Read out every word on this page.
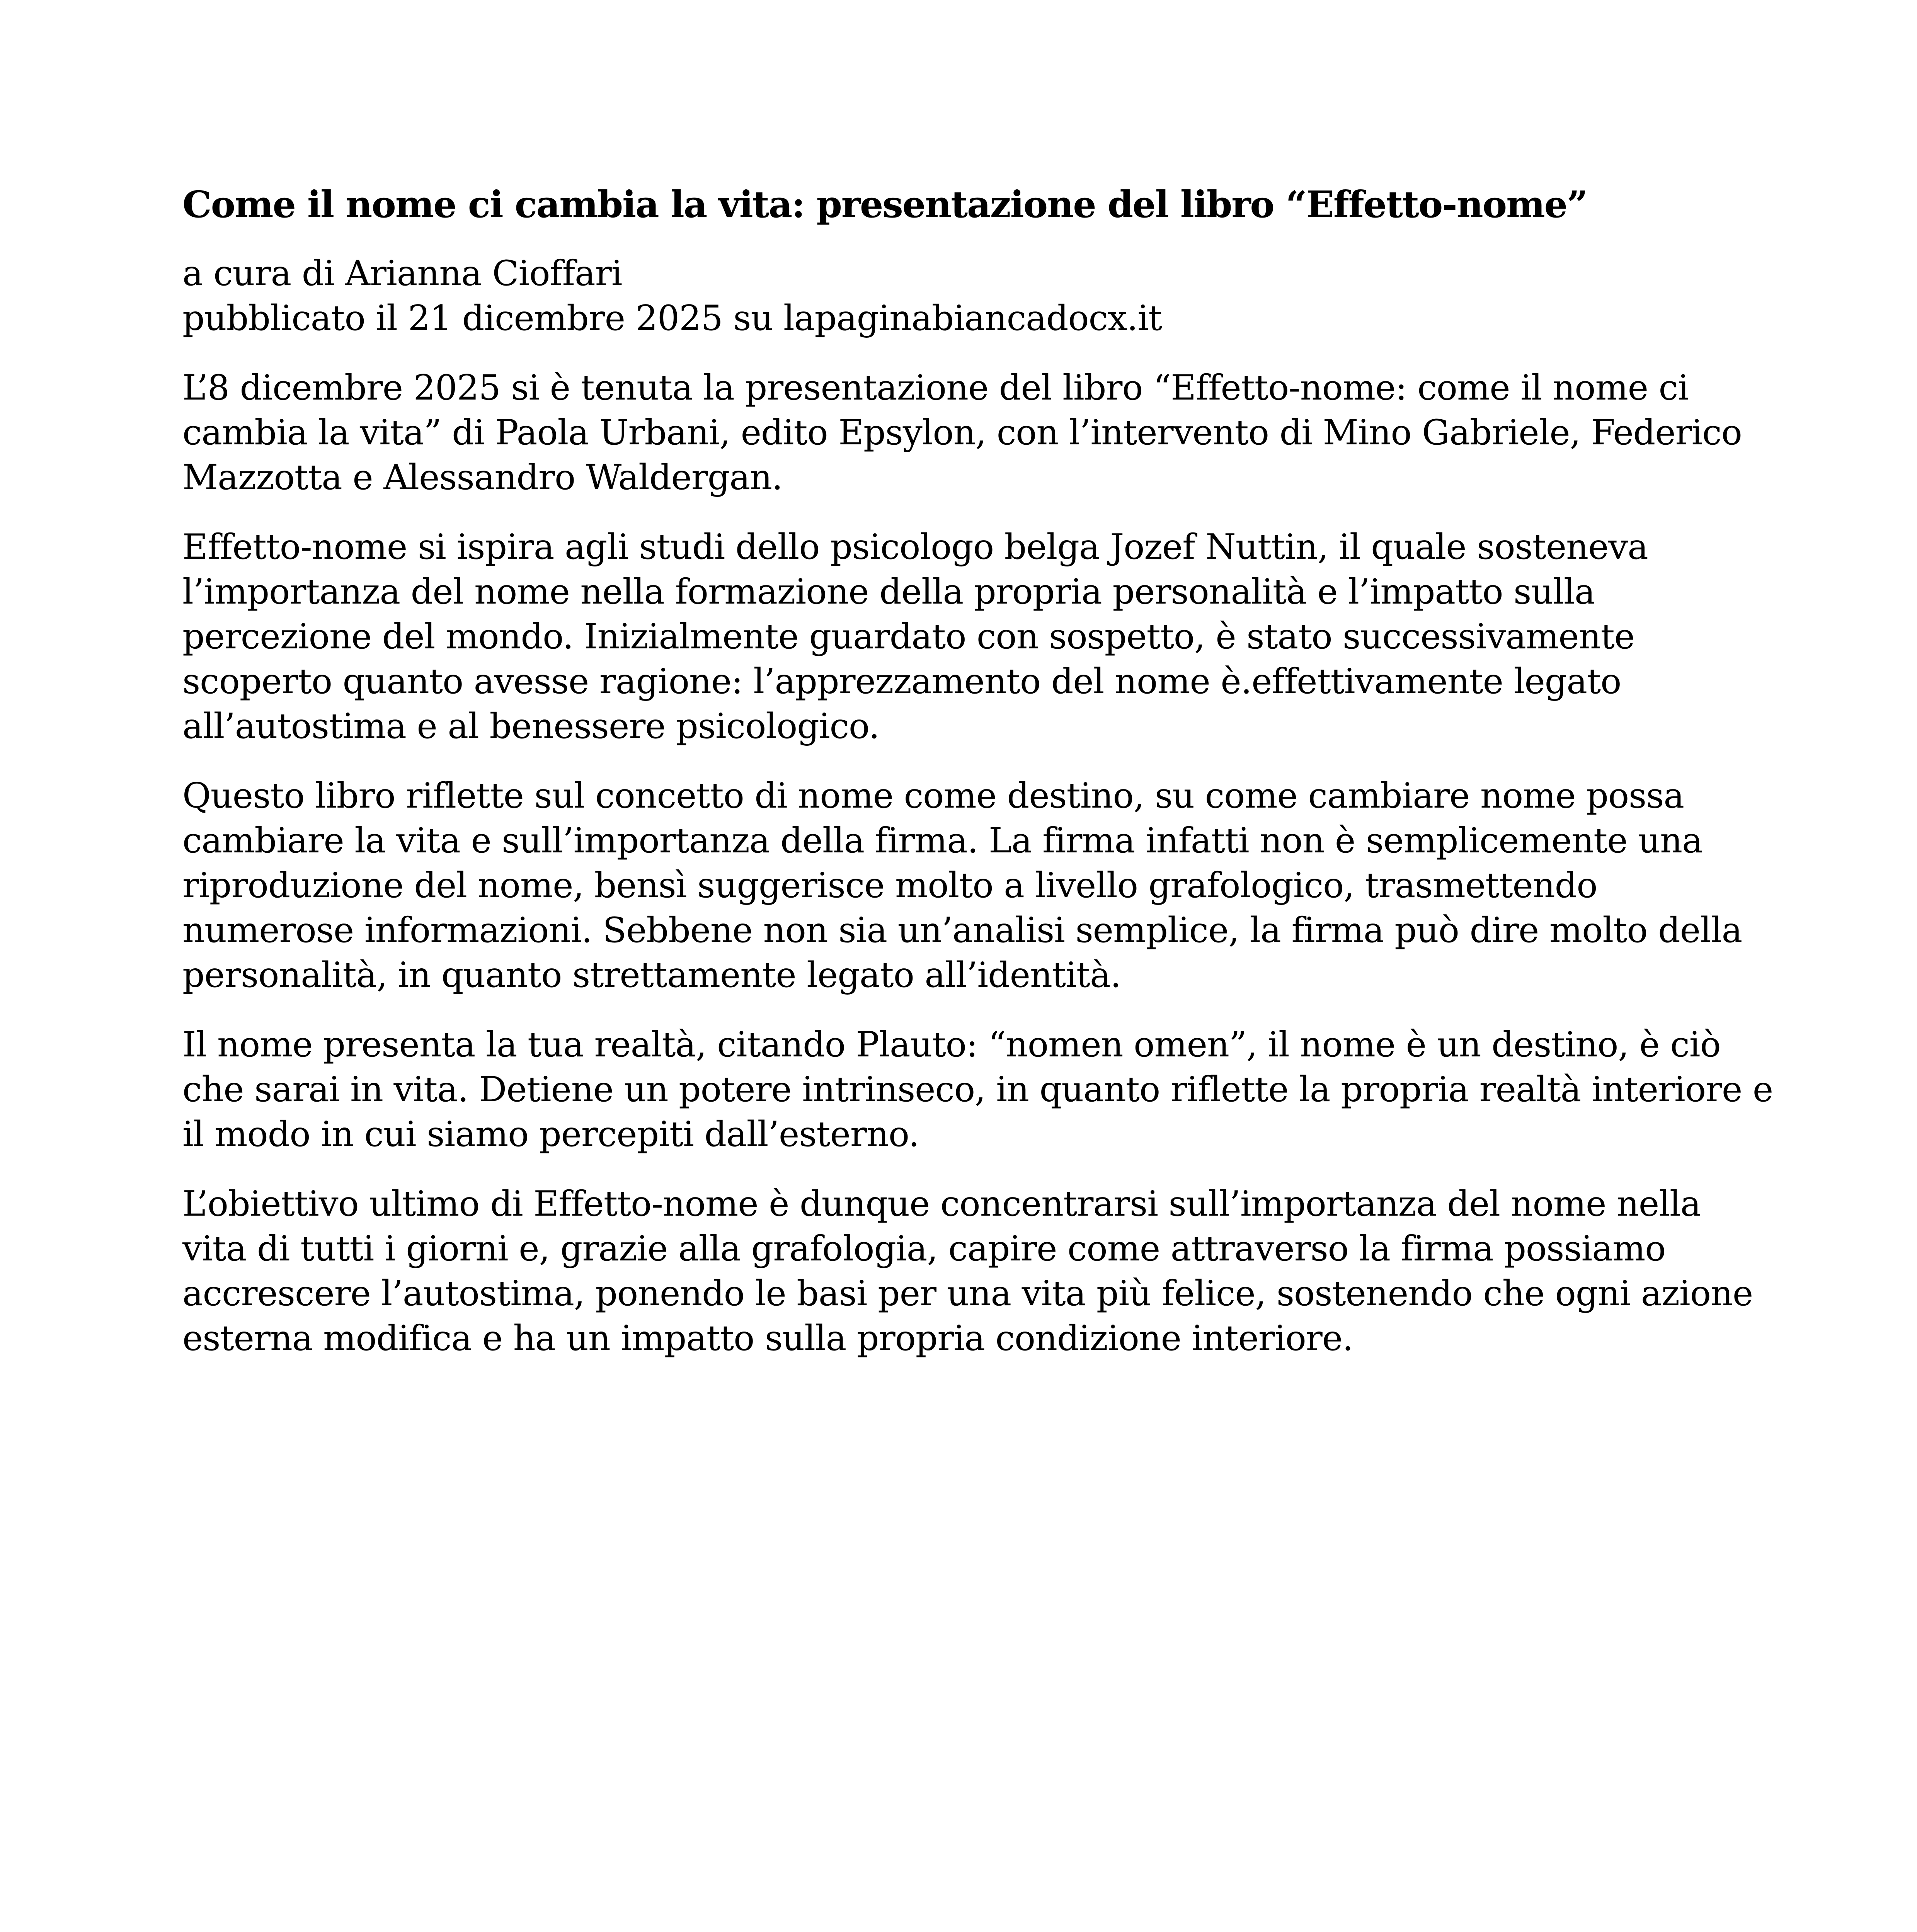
Come il nome ci cambia la vita: presentazione del libro “Effetto-nome”
a cura di Arianna Cioffari
pubblicato il 21 dicembre 2025 su lapaginabiancadocx.it

L’8 dicembre 2025 si è tenuta la presentazione del libro “Effetto-nome: come il nome ci
cambia la vita” di Paola Urbani, edito Epsylon, con l’intervento di Mino Gabriele, Federico
Mazzotta e Alessandro Waldergan.

Effetto-nome si ispira agli studi dello psicologo belga Jozef Nuttin, il quale sosteneva
l’importanza del nome nella formazione della propria personalità e l’impatto sulla
percezione del mondo. Inizialmente guardato con sospetto, è stato successivamente
scoperto quanto avesse ragione: l’apprezzamento del nome è.effettivamente legato
all’autostima e al benessere psicologico.

Questo libro riflette sul concetto di nome come destino, su come cambiare nome possa
cambiare la vita e sull’importanza della firma. La firma infatti non è semplicemente una
riproduzione del nome, bensì suggerisce molto a livello grafologico, trasmettendo
numerose informazioni. Sebbene non sia un’analisi semplice, la firma può dire molto della
personalità, in quanto strettamente legato all’identità.

Il nome presenta la tua realtà, citando Plauto: “nomen omen”, il nome è un destino, è ciò
che sarai in vita. Detiene un potere intrinseco, in quanto riflette la propria realtà interiore e
il modo in cui siamo percepiti dall’esterno.

L’obiettivo ultimo di Effetto-nome è dunque concentrarsi sull’importanza del nome nella
vita di tutti i giorni e, grazie alla grafologia, capire come attraverso la firma possiamo
accrescere l’autostima, ponendo le basi per una vita più felice, sostenendo che ogni azione
esterna modifica e ha un impatto sulla propria condizione interiore.
